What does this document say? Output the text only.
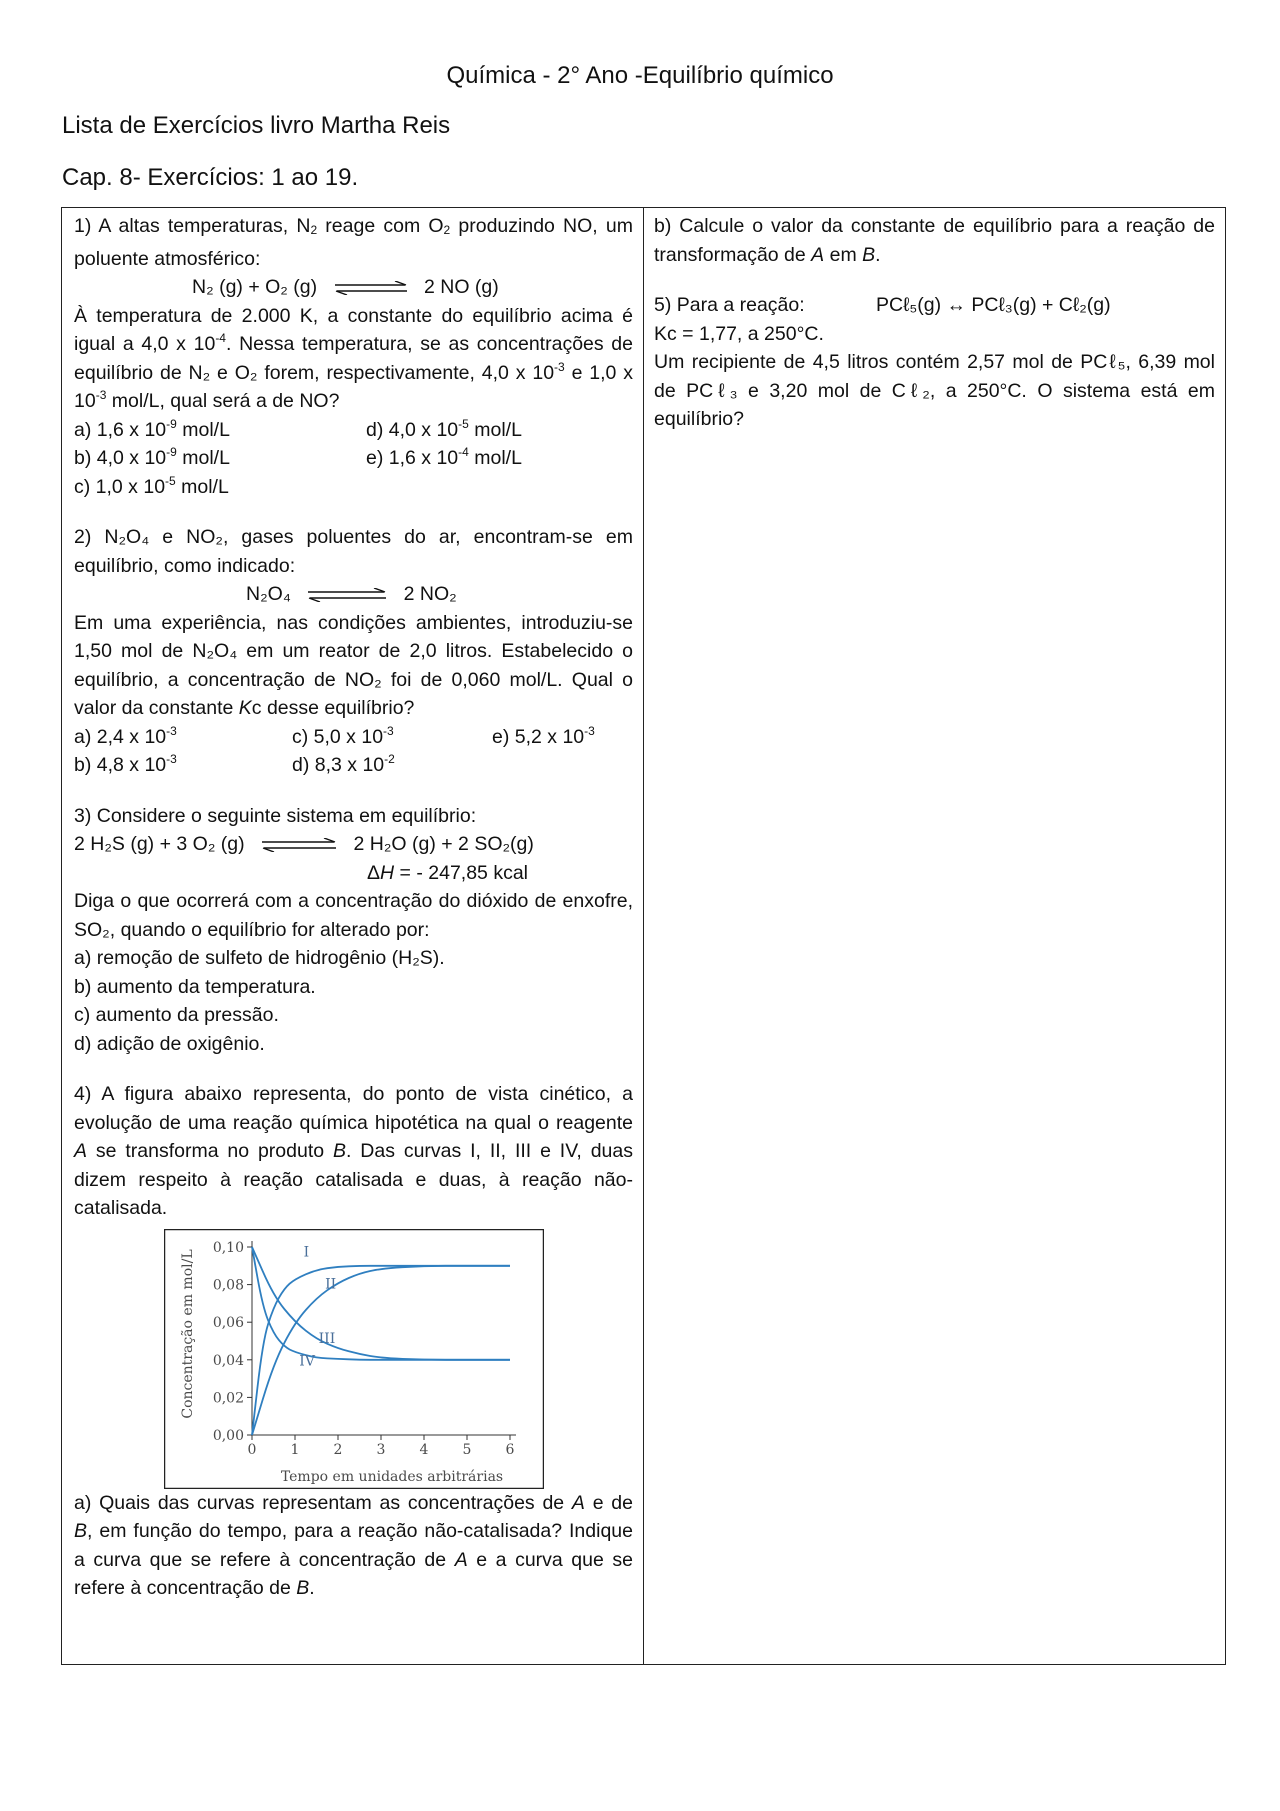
Química - 2° Ano -Equilíbrio químico
Lista de Exercícios livro Martha Reis
Cap. 8- Exercícios: 1 ao 19.
1) A altas temperaturas, $N_2$ reage com $O_2$ produzindo NO, um poluente atmosférico:
N₂ (g) + O₂ (g) ⇌ 2 NO (g)
À temperatura de 2.000 K, a constante do equilíbrio acima é igual a 4,0 x $10^{-4}$. Nessa temperatura, se as concentrações de equilíbrio de N₂ e O₂ forem, respectivamente, 4,0 x $10^{-3}$ e 1,0 x $10^{-3}$ mol/L, qual será a de NO?
a) 1,6 x $10^{-9}$ mol/L	d) 4,0 x $10^{-5}$ mol/L
b) 4,0 x $10^{-9}$ mol/L	e) 1,6 x $10^{-4}$ mol/L
c) 1,0 x $10^{-5}$ mol/L
2) N₂O₄ e NO₂, gases poluentes do ar, encontram-se em equilíbrio, como indicado:
N₂O₄	2 NO₂
Em uma experiência, nas condições ambientes, introduziu-se 1,50 mol de N₂O₄ em um reator de 2,0 litros. Estabelecido o equilíbrio, a concentração de NO₂ foi de 0,060 mol/L. Qual o valor da constante Kc desse equilíbrio?
a) 2,4 x $10^{-3}$	c) 5,0 x $10^{-3}$	e) 5,2 x $10^{-3}$
b) 4,8 x $10^{-3}$	d) 8,3 x $10^{-2}$
3) Considere o seguinte sistema em equilíbrio:
2 H₂S (g) + 3 O₂ (g) ⇌ 2 H₂O (g) + 2 SO₂(g)
ΔH = - 247,85 kcal
Diga o que ocorrerá com a concentração do dióxido de enxofre, SO₂, quando o equilíbrio for alterado por:
a) remoção de sulfeto de hidrogênio (H₂S).
b) aumento da temperatura.
c) aumento da pressão.
d) adição de oxigênio.
4) A figura abaixo representa, do ponto de vista cinético, a evolução de uma reação química hipotética na qual o reagente A se transforma no produto B. Das curvas I, II, III e IV, duas dizem respeito à reação catalisada e duas, à reação não-catalisada.
Concentração em mol/L
Tempo em unidades arbitrárias
0,00
0,02
0,04
0,06
0,08
0,10
0 1 2 3 4 5 6
I
II
III
IV
a) Quais das curvas representam as concentrações de A e de B, em função do tempo, para a reação não-catalisada? Indique a curva que se refere à concentração de A e a curva que se refere à concentração de B.
b) Calcule o valor da constante de equilíbrio para a reação de transformação de A em B.
5) Para a reação:	PCℓ₅(g) ↔ PCℓ₃(g) + Cℓ₂(g)
Kc = 1,77, a 250°C.
Um recipiente de 4,5 litros contém 2,57 mol de PCℓ₅, 6,39 mol de PCℓ₃ e 3,20 mol de Cℓ₂, a 250°C. O sistema está em equilíbrio?
